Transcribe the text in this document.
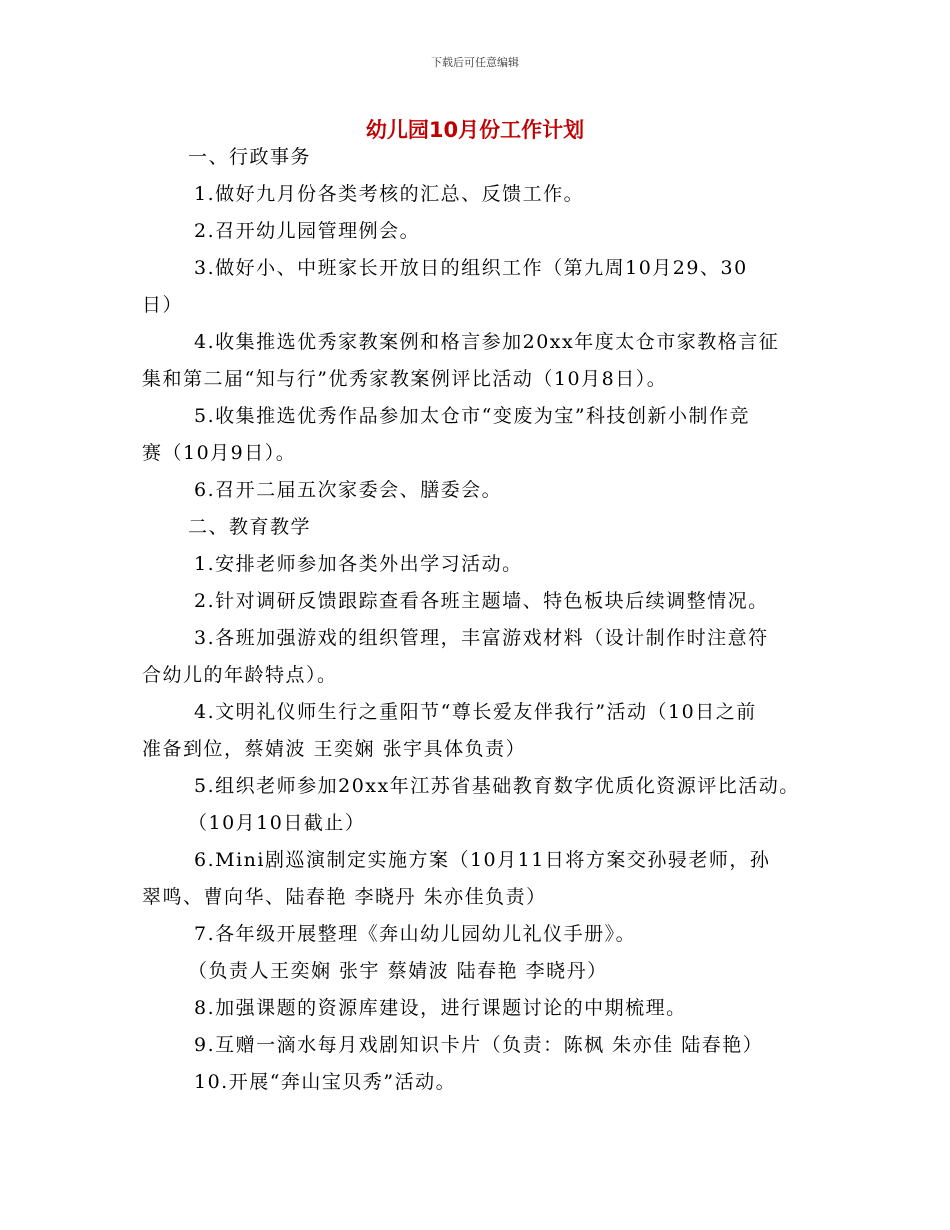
下载后可任意编辑
幼儿园10月份工作计划
一、行政事务
1.做好九月份各类考核的汇总、反馈工作。
2.召开幼儿园管理例会。
3.做好小、中班家长开放日的组织工作（第九周10月29、30
日）
4.收集推选优秀家教案例和格言参加20xx年度太仓市家教格言征
集和第二届“知与行”优秀家教案例评比活动（10月8日）。
5.收集推选优秀作品参加太仓市“变废为宝”科技创新小制作竞
赛（10月9日）。
6.召开二届五次家委会、膳委会。
二、教育教学
1.安排老师参加各类外出学习活动。
2.针对调研反馈跟踪查看各班主题墙、特色板块后续调整情况。
3.各班加强游戏的组织管理，丰富游戏材料（设计制作时注意符
合幼儿的年龄特点）。
4.文明礼仪师生行之重阳节“尊长爱友伴我行”活动（10日之前
准备到位，蔡婧波 王奕娴 张宇具体负责）
5.组织老师参加20xx年江苏省基础教育数字优质化资源评比活动。
（10月10日截止）
6.Mini剧巡演制定实施方案（10月11日将方案交孙骎老师，孙
翠鸣、曹向华、陆春艳 李晓丹 朱亦佳负责）
7.各年级开展整理《奔山幼儿园幼儿礼仪手册》。
（负责人王奕娴 张宇 蔡婧波 陆春艳 李晓丹）
8.加强课题的资源库建设，进行课题讨论的中期梳理。
9.互赠一滴水每月戏剧知识卡片（负责：陈枫 朱亦佳 陆春艳）
10.开展“奔山宝贝秀”活动。
